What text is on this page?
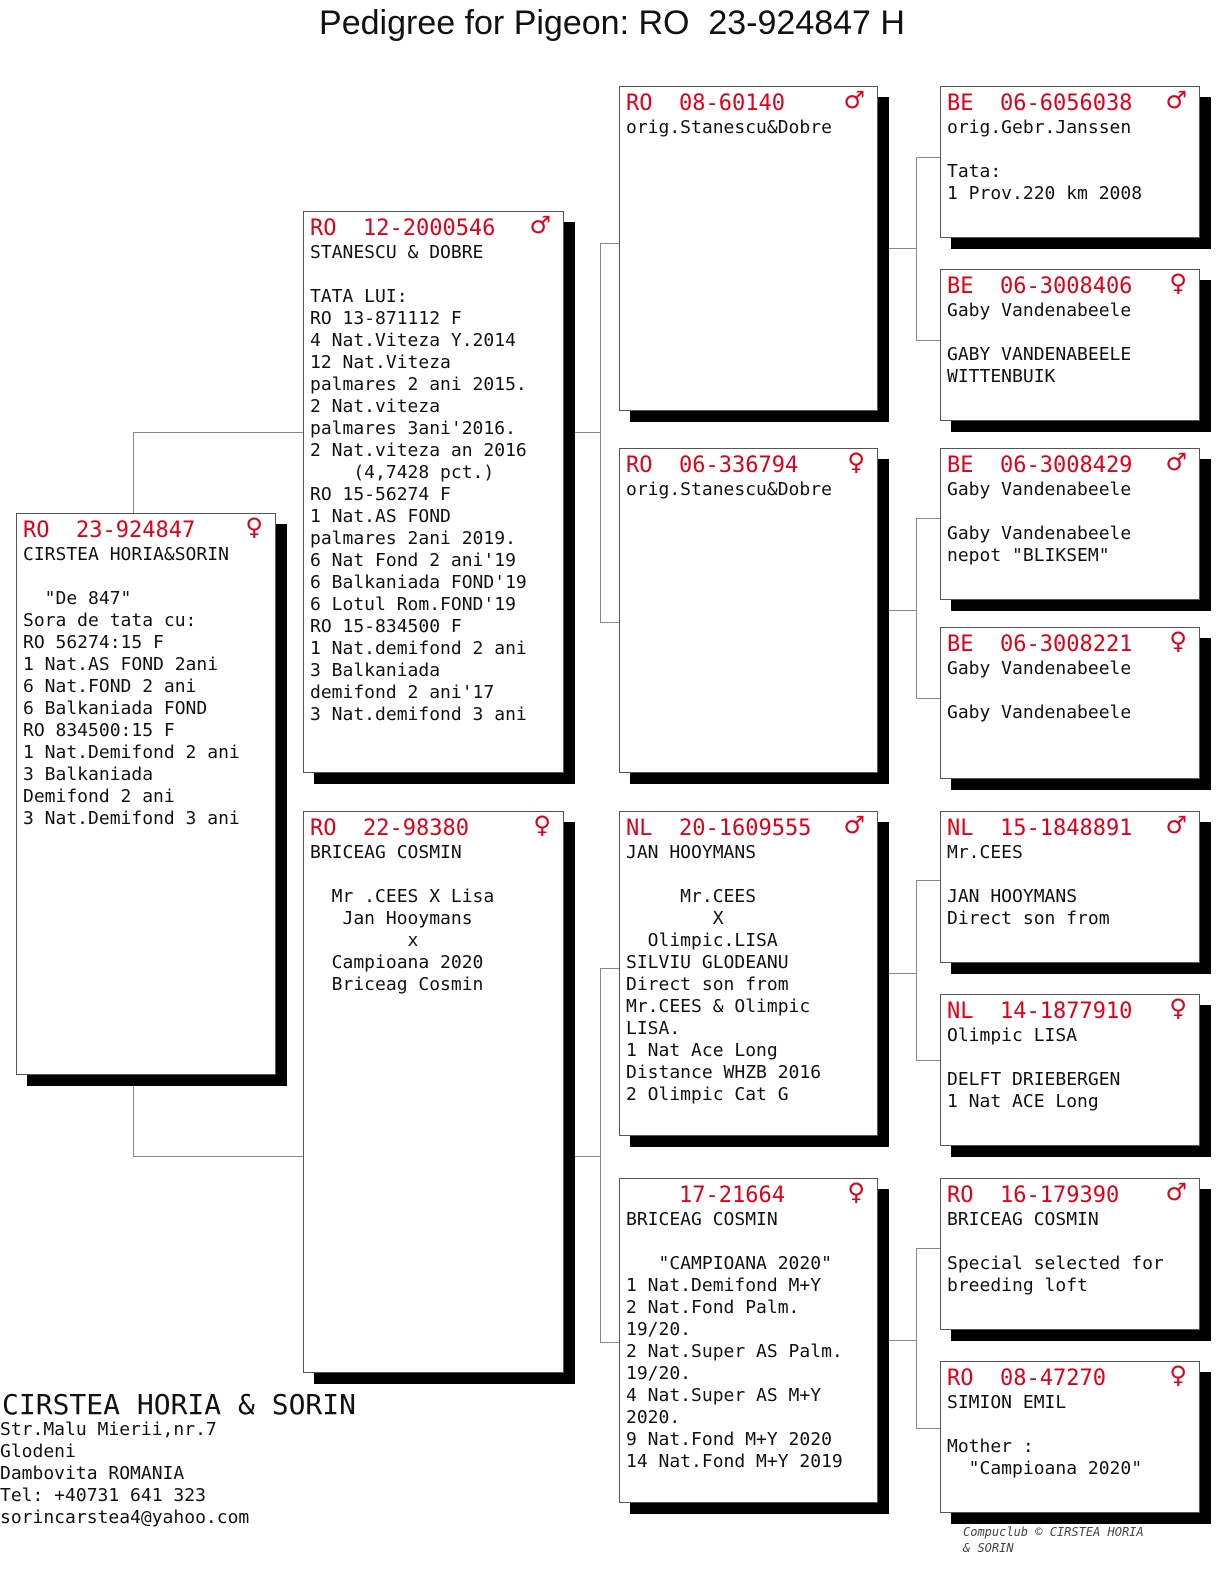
Pedigree for Pigeon: RO  23-924847 H
RO  23-924847 ♀
CIRSTEA HORIA&SORIN
"De 847"
Sora de tata cu:
RO 56274:15 F
1 Nat.AS FOND 2ani
6 Nat.FOND 2 ani
6 Balkaniada FOND
RO 834500:15 F
1 Nat.Demifond 2 ani
3 Balkaniada
Demifond 2 ani
3 Nat.Demifond 3 ani
RO  12-2000546 ♂
STANESCU & DOBRE
TATA LUI:
RO 13-871112 F
4 Nat.Viteza Y.2014
12 Nat.Viteza
palmares 2 ani 2015.
2 Nat.viteza
palmares 3ani'2016.
2 Nat.viteza an 2016
(4,7428 pct.)
RO 15-56274 F
1 Nat.AS FOND
palmares 2ani 2019.
6 Nat Fond 2 ani'19
6 Balkaniada FOND'19
6 Lotul Rom.FOND'19
RO 15-834500 F
1 Nat.demifond 2 ani
3 Balkaniada
demifond 2 ani'17
3 Nat.demifond 3 ani
RO  22-98380	♀
BRICEAG COSMIN
Mr .CEES X Lisa
Jan Hooymans
x
Campioana 2020
Briceag Cosmin
RO  08-60140 ♂
orig.Stanescu&Dobre
RO  06-336794 ♀
orig.Stanescu&Dobre
NL  20-1609555 ♂
JAN HOOYMANS
Mr.CEES
X
Olimpic.LISA
SILVIU GLODEANU
Direct son from
Mr.CEES & Olimpic
LISA.
1 Nat Ace Long
Distance WHZB 2016
2 Olimpic Cat G
17-21664	♀
BRICEAG COSMIN
"CAMPIOANA 2020"
1 Nat.Demifond M+Y
2 Nat.Fond Palm.
19/20.
2 Nat.Super AS Palm.
19/20.
4 Nat.Super AS M+Y
2020.
9 Nat.Fond M+Y 2020
14 Nat.Fond M+Y 2019
BE  06-6056038 ♂
orig.Gebr.Janssen
Tata:
1 Prov.220 km 2008
BE  06-3008406 ♀
Gaby Vandenabeele
GABY VANDENABEELE
WITTENBUIK
BE  06-3008429 ♂
Gaby Vandenabeele
Gaby Vandenabeele
nepot "BLIKSEM"
BE  06-3008221 ♀
Gaby Vandenabeele
Gaby Vandenabeele
NL  15-1848891 ♂
Mr.CEES
JAN HOOYMANS
Direct son from
NL  14-1877910 ♀
Olimpic LISA
DELFT DRIEBERGEN
1 Nat ACE Long
RO  16-179390 ♂
BRICEAG COSMIN
Special selected for
breeding loft
RO  08-47270	♀
SIMION EMIL
Mother :
"Campioana 2020"
CIRSTEA HORIA & SORIN
Str.Malu Mierii,nr.7
Glodeni
Dambovita ROMANIA
Tel: +40731 641 323
sorincarstea4@yahoo.com
Compuclub © CIRSTEA HORIA
& SORIN
